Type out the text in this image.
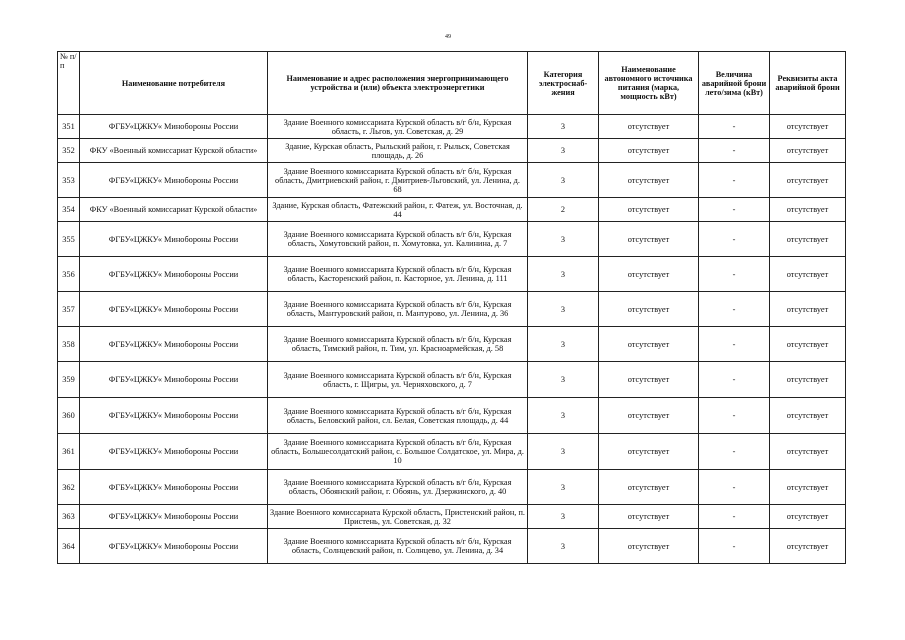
49
№ п/п	Наименование потребителя	Наименование и адрес расположения энергопринимающего устройства и (или) объекта электроэнергетики	Категория электроснаб-жения	Наименование автономного источника питания (марка, мощность кВт)	Величина аварийной брони лето/зима (кВт)	Реквизиты акта аварийной брони
351	ФГБУ«ЦЖКУ« Минобороны России	Здание Военного комиссариата Курской область в/г б/н, Курская область, г. Льгов, ул. Советская, д. 29	3	отсутствует	-	отсутствует
352	ФКУ «Военный комиссариат Курской области»	Здание, Курская область, Рыльский район, г. Рыльск, Советская площадь, д. 26	3	отсутствует	-	отсутствует
353	ФГБУ«ЦЖКУ« Минобороны России	Здание Военного комиссариата Курской область в/г б/н, Курская область, Дмитриевский район, г. Дмитриев-Льговский, ул. Ленина, д. 68	3	отсутствует	-	отсутствует
354	ФКУ «Военный комиссариат Курской области»	Здание, Курская область, Фатежский район, г. Фатеж, ул. Восточная, д. 44	2	отсутствует	-	отсутствует
355	ФГБУ«ЦЖКУ« Минобороны России	Здание Военного комиссариата Курской область в/г б/н, Курская область, Хомутовский район, п. Хомутовка, ул. Калинина, д. 7	3	отсутствует	-	отсутствует
356	ФГБУ«ЦЖКУ« Минобороны России	Здание Военного комиссариата Курской область в/г б/н, Курская область, Касторенский район, п. Касторное, ул. Ленина, д. 111	3	отсутствует	-	отсутствует
357	ФГБУ«ЦЖКУ« Минобороны России	Здание Военного комиссариата Курской область в/г б/н, Курская область, Мантуровский район, п. Мантурово, ул. Ленина, д. 36	3	отсутствует	-	отсутствует
358	ФГБУ«ЦЖКУ« Минобороны России	Здание Военного комиссариата Курской область в/г б/н, Курская область, Тимский район, п. Тим, ул. Красноармейская, д. 58	3	отсутствует	-	отсутствует
359	ФГБУ«ЦЖКУ« Минобороны России	Здание Военного комиссариата Курской область в/г б/н, Курская область, г. Щигры, ул. Черняховского, д. 7	3	отсутствует	-	отсутствует
360	ФГБУ«ЦЖКУ« Минобороны России	Здание Военного комиссариата Курской область в/г б/н, Курская область, Беловский район, сл. Белая, Советская площадь, д. 44	3	отсутствует	-	отсутствует
361	ФГБУ«ЦЖКУ« Минобороны России	Здание Военного комиссариата Курской область в/г б/н, Курская область, Большесолдатский район, с. Большое Солдатское, ул. Мира, д. 10	3	отсутствует	-	отсутствует
362	ФГБУ«ЦЖКУ« Минобороны России	Здание Военного комиссариата Курской область в/г б/н, Курская область, Обоянский район, г. Обоянь, ул. Дзержинского, д. 40	3	отсутствует	-	отсутствует
363	ФГБУ«ЦЖКУ« Минобороны России	Здание Военного комиссариата Курской область, Пристенский район, п. Пристень, ул. Советская, д. 32	3	отсутствует	-	отсутствует
364	ФГБУ«ЦЖКУ« Минобороны России	Здание Военного комиссариата Курской область в/г б/н, Курская область, Солнцевский район, п. Солнцево, ул. Ленина, д. 34	3	отсутствует	-	отсутствует
